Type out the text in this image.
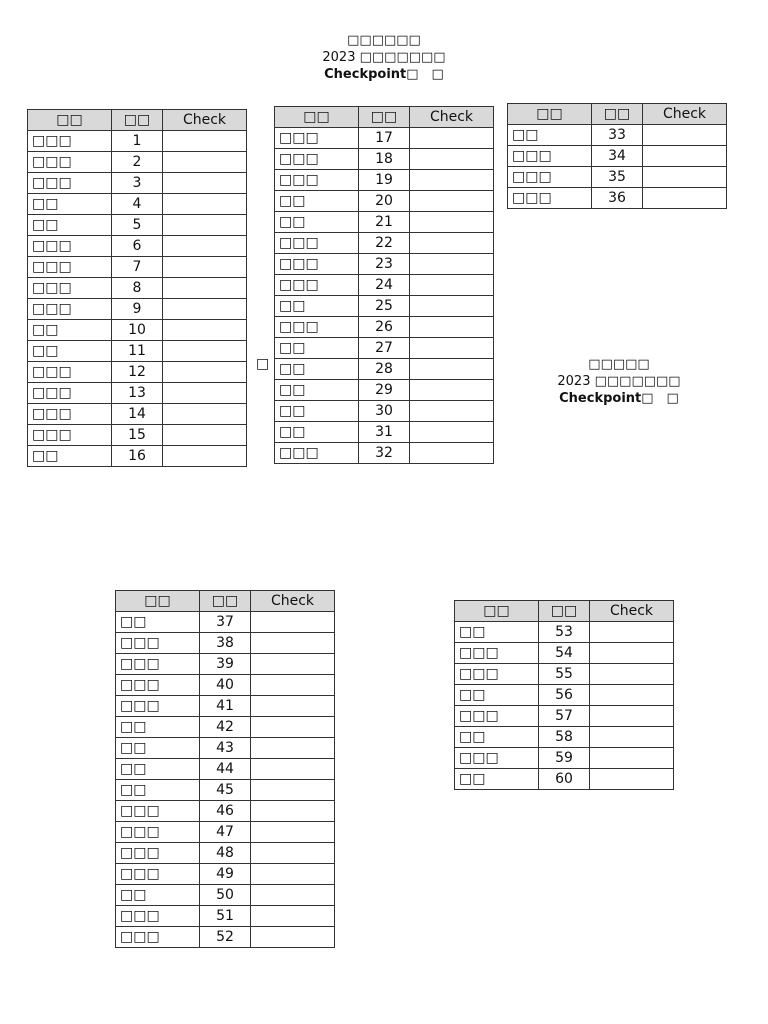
□□□□□□
2023 □□□□□□□
Checkpoint□　□
□□□□□
2023 □□□□□□□
Checkpoint□　□
□
□□	□□	Check
□□□	1	
□□□	2	
□□□	3	
□□	4	
□□	5	
□□□	6	
□□□	7	
□□□	8	
□□□	9	
□□	10	
□□	11	
□□□	12	
□□□	13	
□□□	14	
□□□	15	
□□	16	
□□	□□	Check
□□□	17	
□□□	18	
□□□	19	
□□	20	
□□	21	
□□□	22	
□□□	23	
□□□	24	
□□	25	
□□□	26	
□□	27	
□□	28	
□□	29	
□□	30	
□□	31	
□□□	32	
□□	□□	Check
□□	33	
□□□	34	
□□□	35	
□□□	36	
□□	□□	Check
□□	37	
□□□	38	
□□□	39	
□□□	40	
□□□	41	
□□	42	
□□	43	
□□	44	
□□	45	
□□□	46	
□□□	47	
□□□	48	
□□□	49	
□□	50	
□□□	51	
□□□	52	
□□	□□	Check
□□	53	
□□□	54	
□□□	55	
□□	56	
□□□	57	
□□	58	
□□□	59	
□□	60	
